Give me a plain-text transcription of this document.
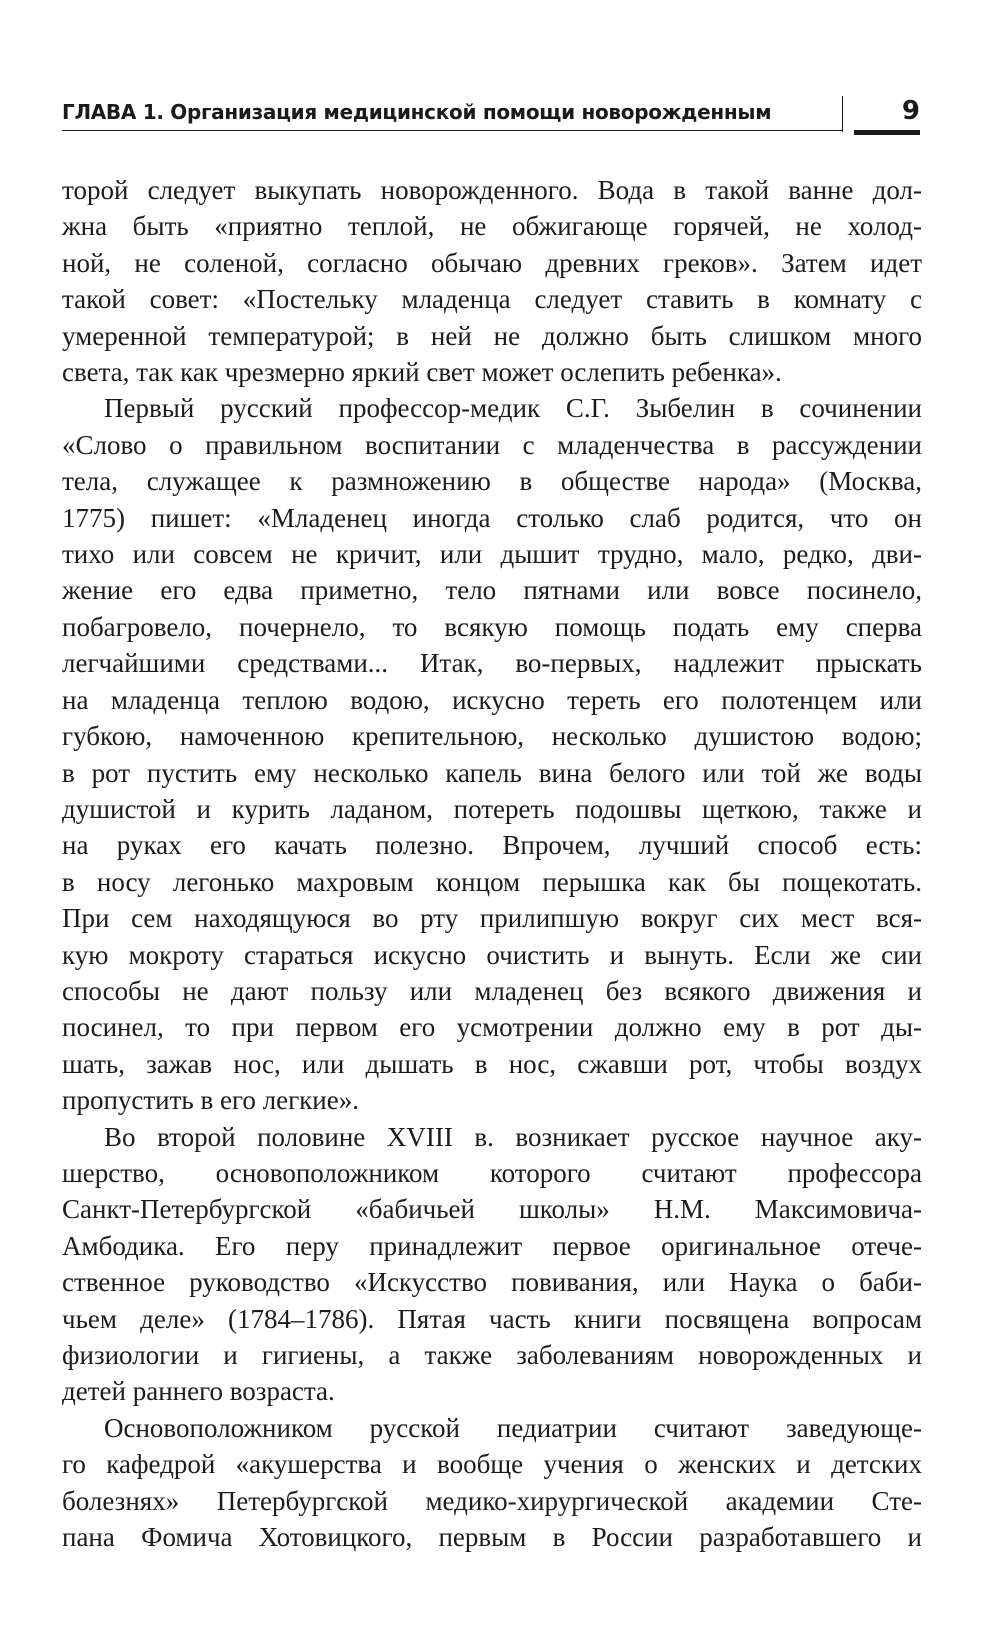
ГЛАВА 1. Организация медицинской помощи новорожденным	9

торой следует выкупать новорожденного. Вода в такой ванне дол-

жна быть «приятно теплой, не обжигающе горячей, не холод-

ной, не соленой, согласно обычаю древних греков». Затем идет

такой совет: «Постельку младенца следует ставить в комнату с

умеренной температурой; в ней не должно быть слишком много

света, так как чрезмерно яркий свет может ослепить ребенка».

Первый русский профессор-медик С.Г. Зыбелин в сочинении

«Слово о правильном воспитании с младенчества в рассуждении

тела, служащее к размножению в обществе народа» (Москва,

1775) пишет: «Младенец иногда столько слаб родится, что он

тихо или совсем не кричит, или дышит трудно, мало, редко, дви-

жение его едва приметно, тело пятнами или вовсе посинело,

побагровело, почернело, то всякую помощь подать ему сперва

легчайшими средствами... Итак, во-первых, надлежит прыскать

на младенца теплою водою, искусно тереть его полотенцем или

губкою, намоченною крепительною, несколько душистою водою;

в рот пустить ему несколько капель вина белого или той же воды

душистой и курить ладаном, потереть подошвы щеткою, также и

на руках его качать полезно. Впрочем, лучший способ есть:

в носу легонько махровым концом перышка как бы пощекотать.

При сем находящуюся во рту прилипшую вокруг сих мест вся-

кую мокроту стараться искусно очистить и вынуть. Если же сии

способы не дают пользу или младенец без всякого движения и

посинел, то при первом его усмотрении должно ему в рот ды-

шать, зажав нос, или дышать в нос, сжавши рот, чтобы воздух

пропустить в его легкие».

Во второй половине XVIII в. возникает русское научное аку-

шерство, основоположником которого считают профессора

Санкт-Петербургской «бабичьей школы» Н.М. Максимовича-

Амбодика. Его перу принадлежит первое оригинальное отече-

ственное руководство «Искусство повивания, или Наука о баби-

чьем деле» (1784–1786). Пятая часть книги посвящена вопросам

физиологии и гигиены, а также заболеваниям новорожденных и

детей раннего возраста.

Основоположником русской педиатрии считают заведующе-

го кафедрой «акушерства и вообще учения о женских и детских

болезнях» Петербургской медико-хирургической академии Сте-

пана Фомича Хотовицкого, первым в России разработавшего и
